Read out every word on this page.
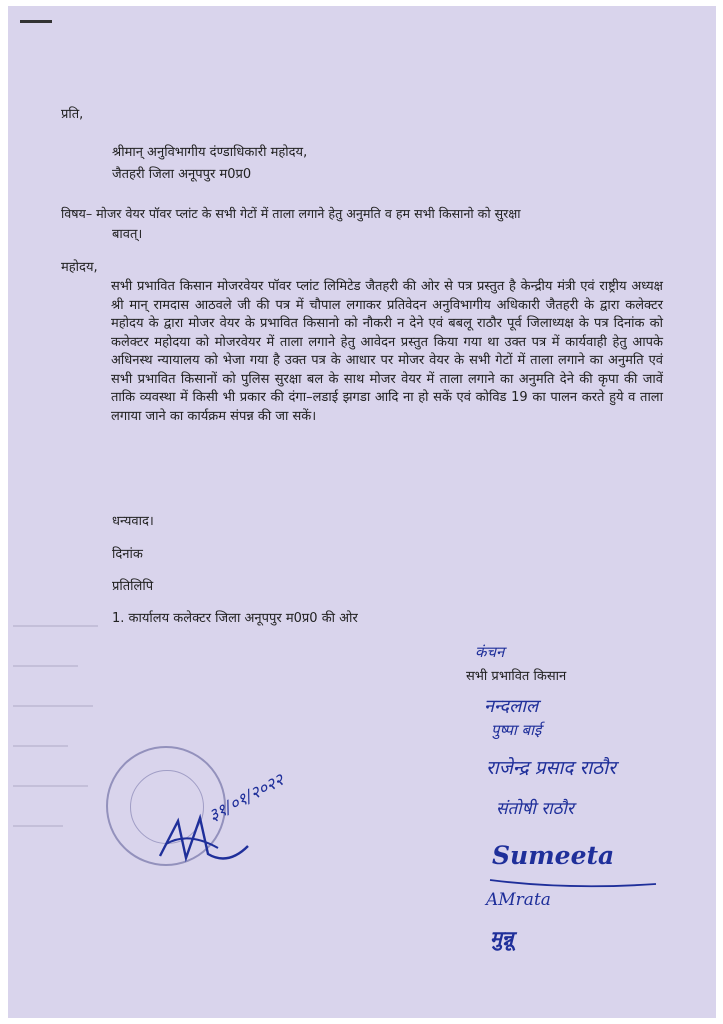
प्रति,
श्रीमान् अनुविभागीय दंण्डाधिकारी महोदय,
जैतहरी जिला अनूपपुर म0प्र0
विषय– मोजर वेयर पॉवर प्लांट के सभी गेटों में ताला लगाने हेतु अनुमति व हम सभी किसानो को सुरक्षा
बावत्।
महोदय,
सभी प्रभावित किसान मोजरवेयर पॉवर प्लांट लिमिटेड जैतहरी की ओर से पत्र प्रस्तुत है केन्द्रीय मंत्री एवं राष्ट्रीय अध्यक्ष श्री मान् रामदास आठवले जी की पत्र में चौपाल लगाकर प्रतिवेदन अनुविभागीय अधिकारी जैतहरी के द्वारा कलेक्टर महोदय के द्वारा मोजर वेयर के प्रभावित किसानो को नौकरी न देने एवं बबलू राठौर पूर्व जिलाध्यक्ष के पत्र दिनांक को कलेक्टर महोदया को मोजरवेयर में ताला लगाने हेतु आवेदन प्रस्तुत किया गया था उक्त पत्र में कार्यवाही हेतु आपके अधिनस्थ न्यायालय को भेजा गया है उक्त पत्र के आधार पर मोजर वेयर के सभी गेटों में ताला लगाने का अनुमति एवं सभी प्रभावित किसानों को पुलिस सुरक्षा बल के साथ मोजर वेयर में ताला लगाने का अनुमति देने की कृपा की जावें ताकि व्यवस्था में किसी भी प्रकार की दंगा–लडाई झगडा आदि ना हो सकें एवं कोविड 19 का पालन करते हुये व ताला लगाया जाने का कार्यक्रम संपन्न की जा सकें।
धन्यवाद।
दिनांक
प्रतिलिपि
1. कार्यालय कलेक्टर जिला अनूपपुर म0प्र0 की ओर
सभी प्रभावित किसान
कंचन
नन्दलाल
पुष्पा बाई
राजेन्द्र प्रसाद राठौर
संतोषी राठौर
Sumeeta
AMrata
मुन्नू
३१/०१/२०२२
